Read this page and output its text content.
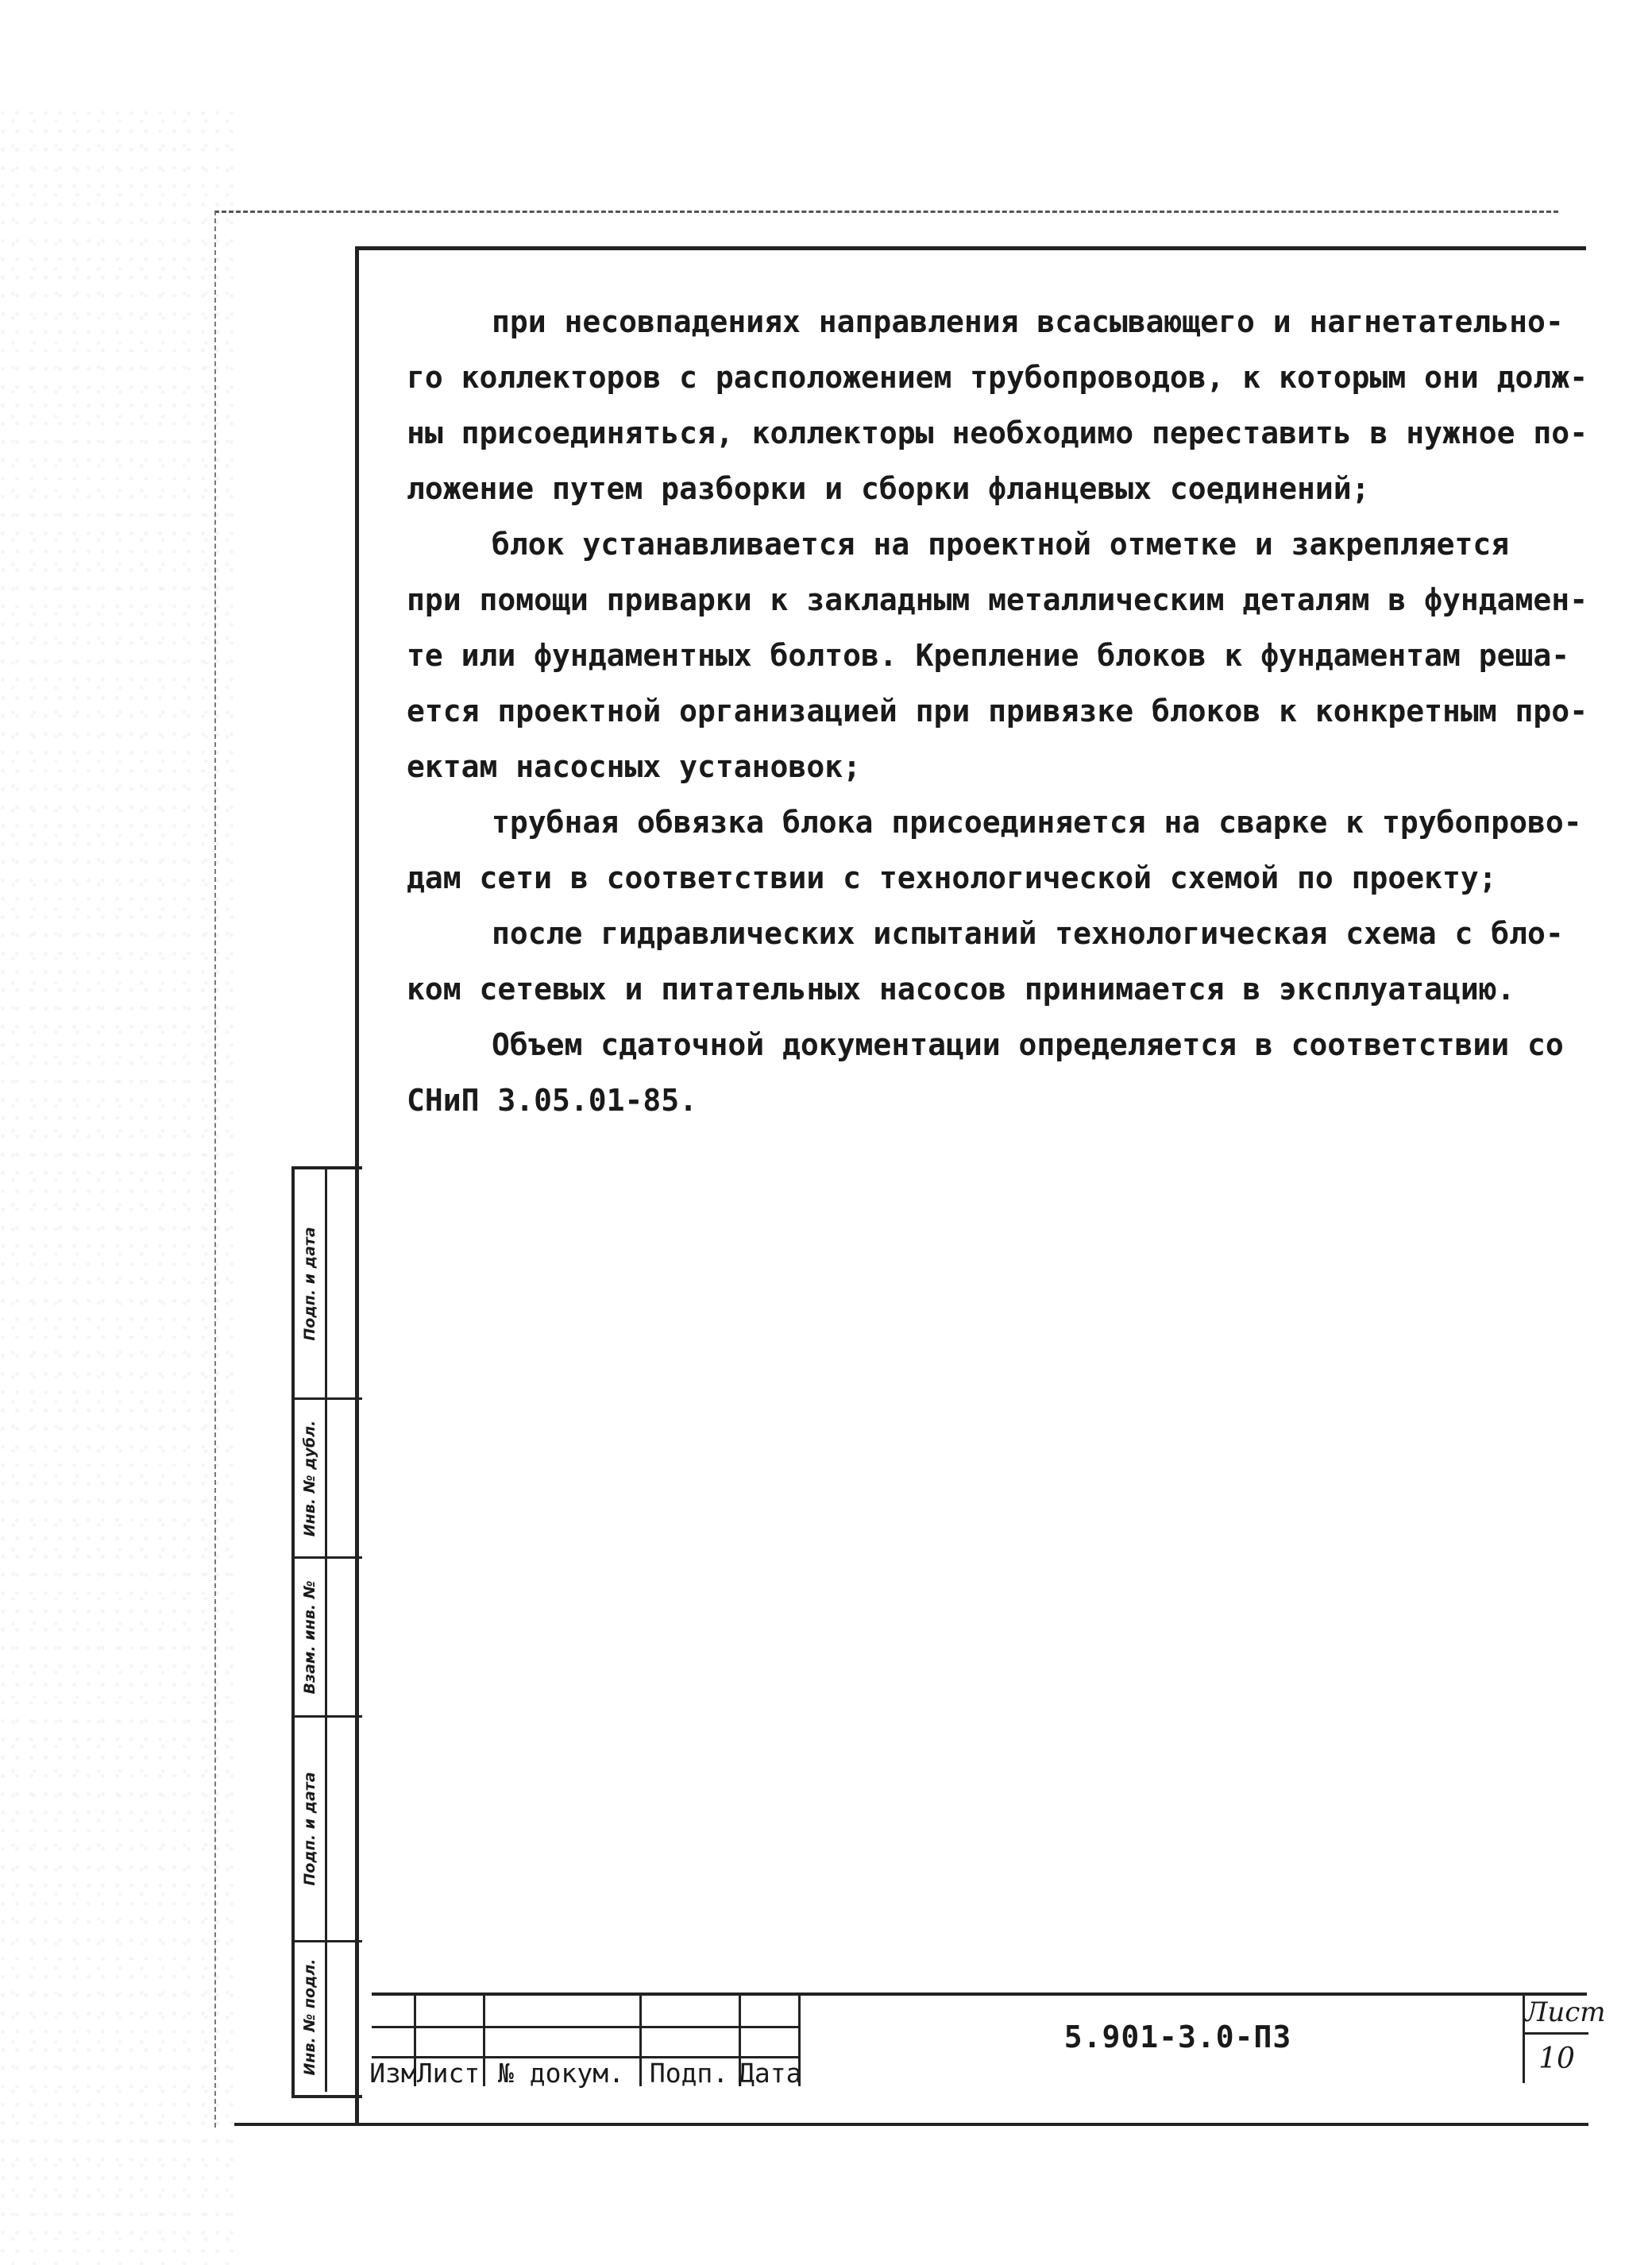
при несовпадениях направления всасывающего и нагнетательно-
го коллекторов с расположением трубопроводов, к которым они долж-
ны присоединяться, коллекторы необходимо переставить в нужное по-
ложение путем разборки и сборки фланцевых соединений;
блок устанавливается на проектной отметке и закрепляется
при помощи приварки к закладным металлическим деталям в фундамен-
те или фундаментных болтов. Крепление блоков к фундаментам реша-
ется проектной организацией при привязке блоков к конкретным про-
ектам насосных установок;
трубная обвязка блока присоединяется на сварке к трубопрово-
дам сети в соответствии с технологической схемой по проекту;
после гидравлических испытаний технологическая схема с бло-
ком сетевых и питательных насосов принимается в эксплуатацию.
Объем сдаточной документации определяется в соответствии со
СНиП 3.05.01-85.
Подп. и дата
Инв. № дубл.
Взам. инв. №
Подп. и дата
Инв. № подл. Изм Лист № докум. Подп. Дата
5.901-3.0-ПЗ
Лист
10
